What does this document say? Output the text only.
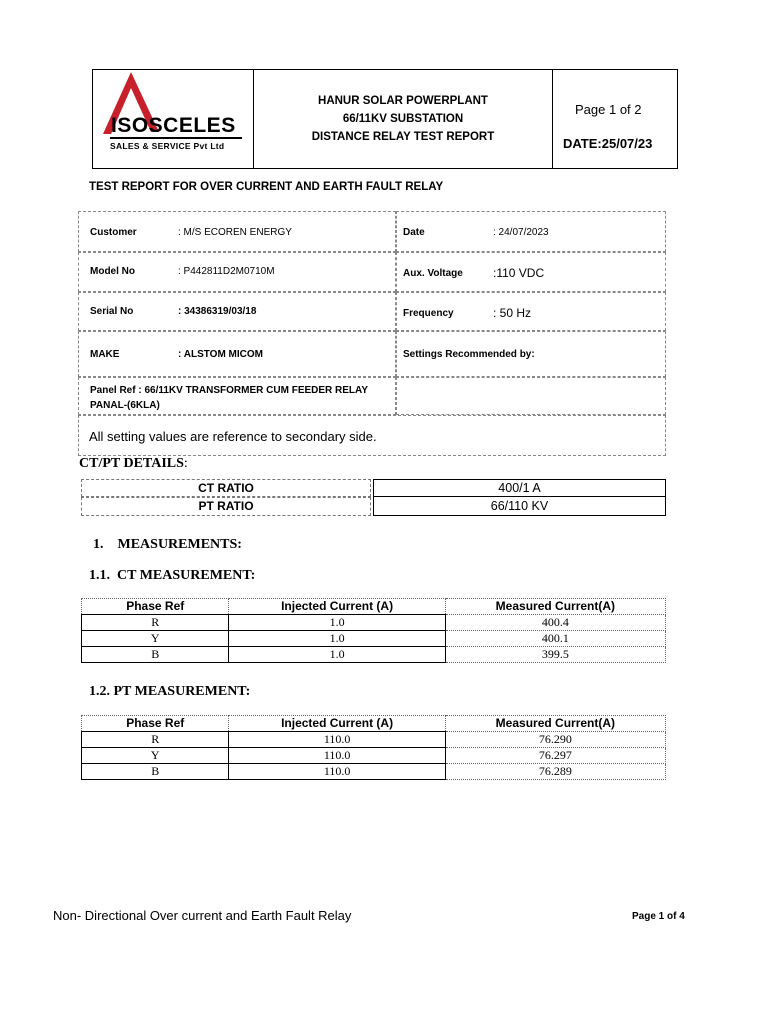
ISOSCELES
SALES & SERVICE Pvt Ltd
HANUR SOLAR POWERPLANT
66/11KV SUBSTATION
DISTANCE RELAY TEST REPORT
Page 1 of 2
DATE:25/07/23
TEST REPORT FOR OVER CURRENT AND EARTH FAULT RELAY
Customer	: M/S ECOREN ENERGY	Date	: 24/07/2023
Model No	: P442811D2M0710M	Aux. Voltage	:110 VDC
Serial No	: 34386319/03/18	Frequency	: 50 Hz
MAKE	: ALSTOM MICOM	Settings Recommended by:
Panel Ref : 66/11KV TRANSFORMER CUM FEEDER RELAY
PANAL-(6KLA)
All setting values are reference to secondary side.
CT/PT DETAILS:
CT RATIO	400/1 A
PT RATIO	66/110 KV
1.    MEASUREMENTS:
1.1.  CT MEASUREMENT:
Phase Ref	Injected Current (A)	Measured Current(A)
R	1.0	400.4
Y	1.0	400.1
B	1.0	399.5
1.2. PT MEASUREMENT:
Phase Ref	Injected Current (A)	Measured Current(A)
R	110.0	76.290
Y	110.0	76.297
B	110.0	76.289
Non- Directional Over current and Earth Fault Relay	Page 1 of 4
